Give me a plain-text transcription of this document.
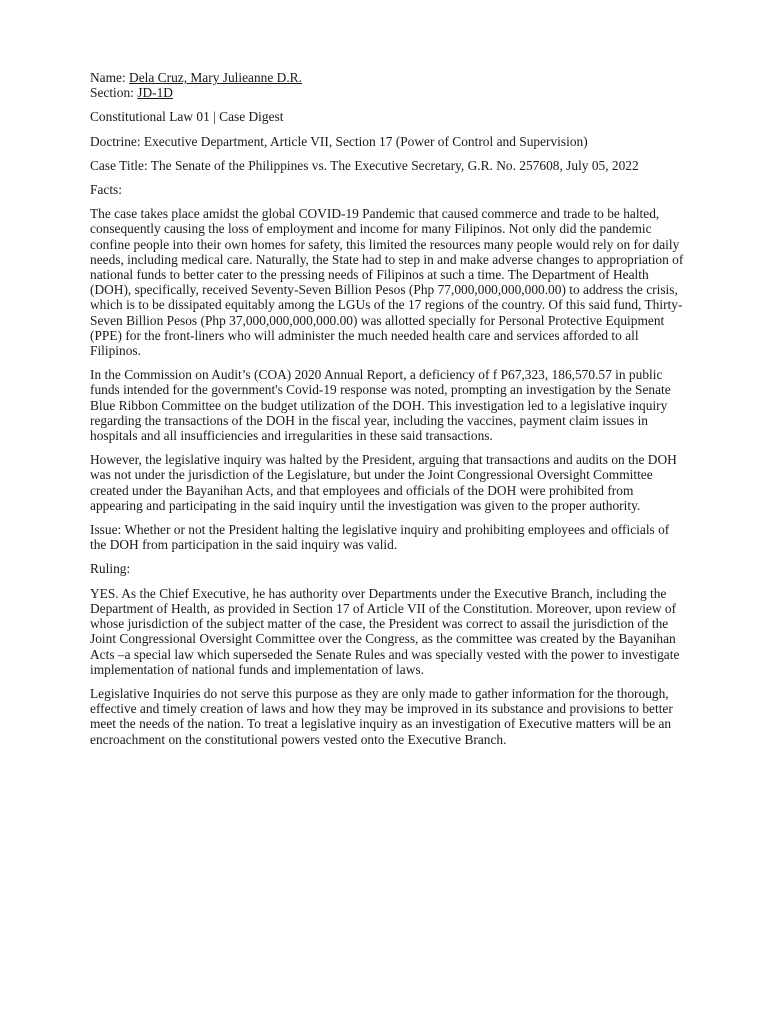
Name: Dela Cruz, Mary Julieanne D.R.
Section: JD-1D

Constitutional Law 01 | Case Digest

Doctrine: Executive Department, Article VII, Section 17 (Power of Control and Supervision)

Case Title: The Senate of the Philippines vs. The Executive Secretary, G.R. No. 257608, July 05, 2022

Facts:

The case takes place amidst the global COVID-19 Pandemic that caused commerce and trade to be halted, consequently causing the loss of employment and income for many Filipinos. Not only did the pandemic confine people into their own homes for safety, this limited the resources many people would rely on for daily needs, including medical care. Naturally, the State had to step in and make adverse changes to appropriation of national funds to better cater to the pressing needs of Filipinos at such a time. The Department of Health (DOH), specifically, received Seventy-Seven Billion Pesos (Php 77,000,000,000,000.00) to address the crisis, which is to be dissipated equitably among the LGUs of the 17 regions of the country. Of this said fund, Thirty-Seven Billion Pesos (Php 37,000,000,000,000.00) was allotted specially for Personal Protective Equipment (PPE) for the front-liners who will administer the much needed health care and services afforded to all Filipinos.

In the Commission on Audit’s (COA) 2020 Annual Report, a deficiency of f P67,323, 186,570.57 in public funds intended for the government's Covid-19 response was noted, prompting an investigation by the Senate Blue Ribbon Committee on the budget utilization of the DOH. This investigation led to a legislative inquiry regarding the transactions of the DOH in the fiscal year, including the vaccines, payment claim issues in hospitals and all insufficiencies and irregularities in these said transactions.

However, the legislative inquiry was halted by the President, arguing that transactions and audits on the DOH was not under the jurisdiction of the Legislature, but under the Joint Congressional Oversight Committee created under the Bayanihan Acts, and that employees and officials of the DOH were prohibited from appearing and participating in the said inquiry until the investigation was given to the proper authority.

Issue: Whether or not the President halting the legislative inquiry and prohibiting employees and officials of the DOH from participation in the said inquiry was valid.

Ruling:

YES. As the Chief Executive, he has authority over Departments under the Executive Branch, including the Department of Health, as provided in Section 17 of Article VII of the Constitution. Moreover, upon review of whose jurisdiction of the subject matter of the case, the President was correct to assail the jurisdiction of the Joint Congressional Oversight Committee over the Congress, as the committee was created by the Bayanihan Acts –a special law which superseded the Senate Rules and was specially vested with the power to investigate implementation of national funds and implementation of laws.

Legislative Inquiries do not serve this purpose as they are only made to gather information for the thorough, effective and timely creation of laws and how they may be improved in its substance and provisions to better meet the needs of the nation. To treat a legislative inquiry as an investigation of Executive matters will be an encroachment on the constitutional powers vested onto the Executive Branch.
